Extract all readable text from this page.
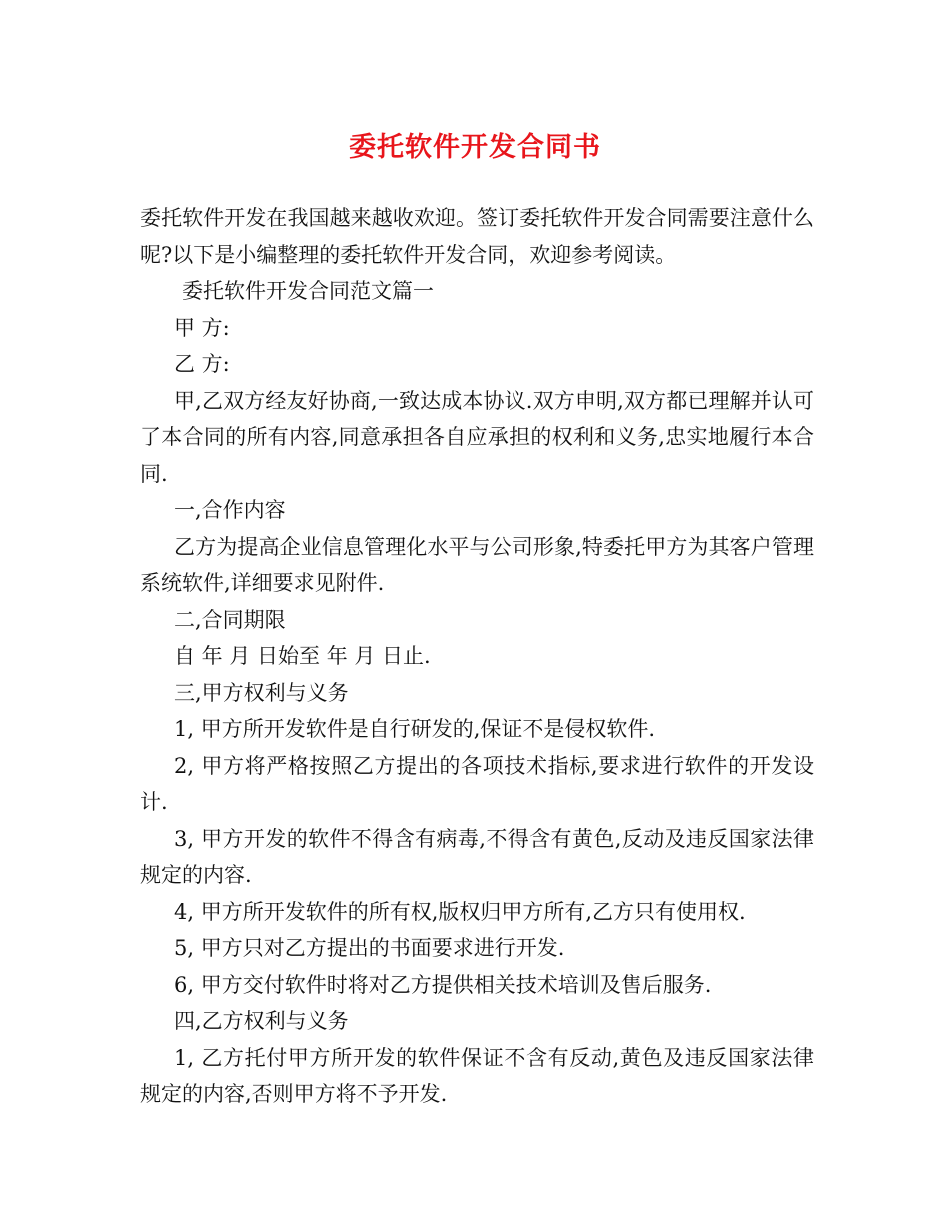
委托软件开发合同书

委托软件开发在我国越来越收欢迎。签订委托软件开发合同需要注意什么呢?以下是小编整理的委托软件开发合同，欢迎参考阅读。

委托软件开发合同范文篇一

甲 方:

乙 方:

甲,乙双方经友好协商,一致达成本协议.双方申明,双方都已理解并认可了本合同的所有内容,同意承担各自应承担的权利和义务,忠实地履行本合同.

一,合作内容

乙方为提高企业信息管理化水平与公司形象,特委托甲方为其客户管理系统软件,详细要求见附件.

二,合同期限

自 年 月 日始至 年 月 日止.

三,甲方权利与义务

1, 甲方所开发软件是自行研发的,保证不是侵权软件.

2, 甲方将严格按照乙方提出的各项技术指标,要求进行软件的开发设计.

3, 甲方开发的软件不得含有病毒,不得含有黄色,反动及违反国家法律规定的内容.

4, 甲方所开发软件的所有权,版权归甲方所有,乙方只有使用权.

5, 甲方只对乙方提出的书面要求进行开发.

6, 甲方交付软件时将对乙方提供相关技术培训及售后服务.

四,乙方权利与义务

1, 乙方托付甲方所开发的软件保证不含有反动,黄色及违反国家法律规定的内容,否则甲方将不予开发.
